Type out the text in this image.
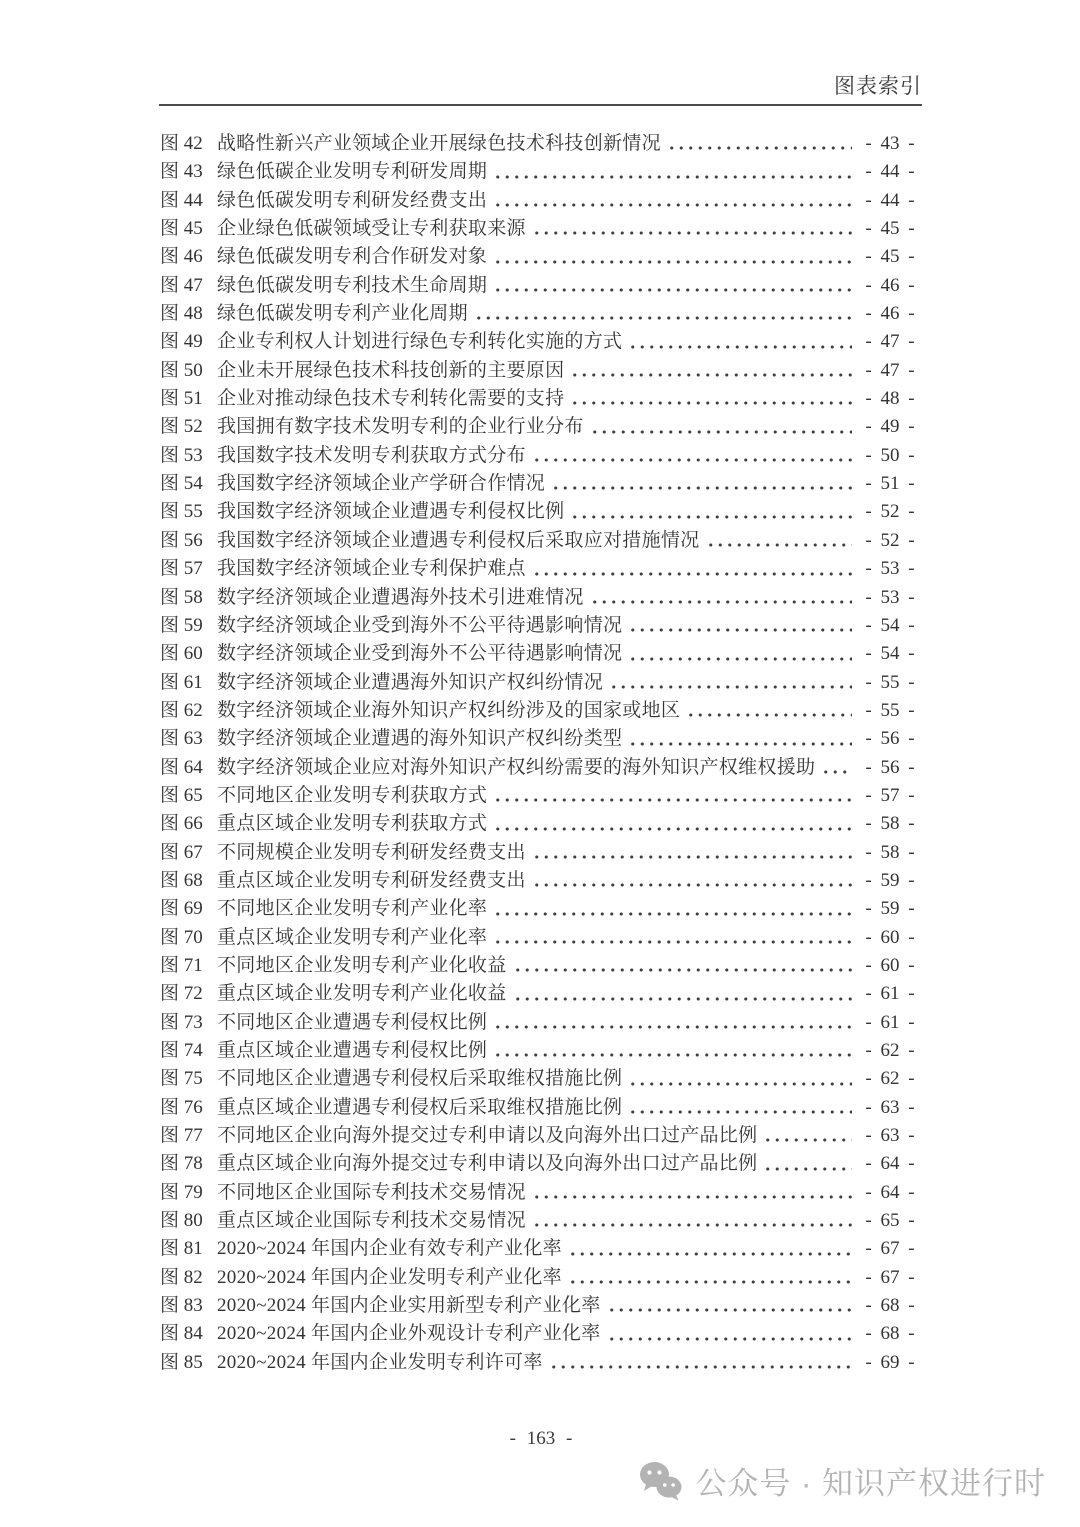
图表索引
图 42 战略性新兴产业领域企业开展绿色技术科技创新情况	- 43 -
图 43 绿色低碳企业发明专利研发周期	- 44 -
图 44 绿色低碳发明专利研发经费支出	- 44 -
图 45 企业绿色低碳领域受让专利获取来源	- 45 -
图 46 绿色低碳发明专利合作研发对象	- 45 -
图 47 绿色低碳发明专利技术生命周期	- 46 -
图 48 绿色低碳发明专利产业化周期	- 46 -
图 49 企业专利权人计划进行绿色专利转化实施的方式	- 47 -
图 50 企业未开展绿色技术科技创新的主要原因	- 47 -
图 51 企业对推动绿色技术专利转化需要的支持	- 48 -
图 52 我国拥有数字技术发明专利的企业行业分布	- 49 -
图 53 我国数字技术发明专利获取方式分布	- 50 -
图 54 我国数字经济领域企业产学研合作情况	- 51 -
图 55 我国数字经济领域企业遭遇专利侵权比例	- 52 -
图 56 我国数字经济领域企业遭遇专利侵权后采取应对措施情况	- 52 -
图 57 我国数字经济领域企业专利保护难点	- 53 -
图 58 数字经济领域企业遭遇海外技术引进难情况	- 53 -
图 59 数字经济领域企业受到海外不公平待遇影响情况	- 54 -
图 60 数字经济领域企业受到海外不公平待遇影响情况	- 54 -
图 61 数字经济领域企业遭遇海外知识产权纠纷情况	- 55 -
图 62 数字经济领域企业海外知识产权纠纷涉及的国家或地区	- 55 -
图 63 数字经济领域企业遭遇的海外知识产权纠纷类型	- 56 -
图 64 数字经济领域企业应对海外知识产权纠纷需要的海外知识产权维权援助	- 56 -
图 65 不同地区企业发明专利获取方式	- 57 -
图 66 重点区域企业发明专利获取方式	- 58 -
图 67 不同规模企业发明专利研发经费支出	- 58 -
图 68 重点区域企业发明专利研发经费支出	- 59 -
图 69 不同地区企业发明专利产业化率	- 59 -
图 70 重点区域企业发明专利产业化率	- 60 -
图 71 不同地区企业发明专利产业化收益	- 60 -
图 72 重点区域企业发明专利产业化收益	- 61 -
图 73 不同地区企业遭遇专利侵权比例	- 61 -
图 74 重点区域企业遭遇专利侵权比例	- 62 -
图 75 不同地区企业遭遇专利侵权后采取维权措施比例	- 62 -
图 76 重点区域企业遭遇专利侵权后采取维权措施比例	- 63 -
图 77 不同地区企业向海外提交过专利申请以及向海外出口过产品比例	- 63 -
图 78 重点区域企业向海外提交过专利申请以及向海外出口过产品比例	- 64 -
图 79 不同地区企业国际专利技术交易情况	- 64 -
图 80 重点区域企业国际专利技术交易情况	- 65 -
图 81 2020~2024 年国内企业有效专利产业化率	- 67 -
图 82 2020~2024 年国内企业发明专利产业化率	- 67 -
图 83 2020~2024 年国内企业实用新型专利产业化率	- 68 -
图 84 2020~2024 年国内企业外观设计专利产业化率	- 68 -
图 85 2020~2024 年国内企业发明专利许可率	- 69 -
- 163 -
公众号 · 知识产权进行时
